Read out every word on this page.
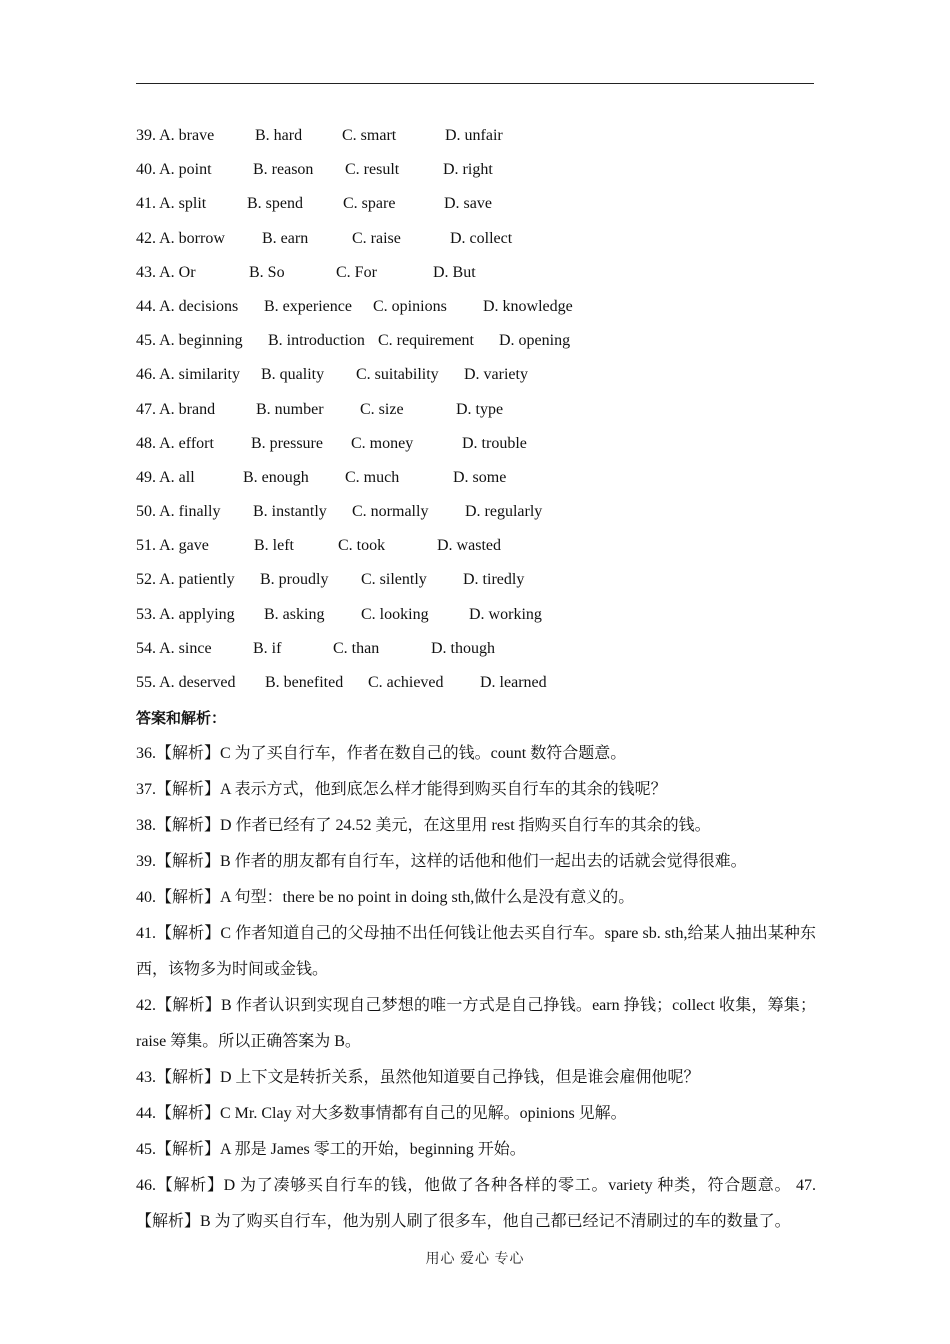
39. A. brave	B. hard C. smart	D. unfair
40. A. point	B. reason C. result	D. right
41. A. split	B. spend	C. spare	D. save
42. A. borrow B. earn	C. raise	D. collect
43. A. Or	B. So	C. For	D. But
44. A. decisions B. experience C. opinions D. knowledge
45. A. beginning B. introduction C. requirement D. opening
46. A. similarity B. quality C. suitability D. variety
47. A. brand	B. number C. size	D. type
48. A. effort B. pressure C. money	D. trouble
49. A. all	B. enough C. much	D. some
50. A. finally B. instantly C. normally D. regularly
51. A. gave	B. left	C. took	D. wasted
52. A. patiently B. proudly C. silently D. tiredly
53. A. applying B. asking C. looking	D. working
54. A. since	B. if	C. than	D. though
55. A. deserved B. benefited C. achieved D. learned
答案和解析：

36.【解析】C 为了买自行车，作者在数自己的钱。count 数符合题意。

37.【解析】A 表示方式，他到底怎么样才能得到购买自行车的其余的钱呢？

38.【解析】D 作者已经有了 24.52 美元，在这里用 rest 指购买自行车的其余的钱。

39.【解析】B 作者的朋友都有自行车，这样的话他和他们一起出去的话就会觉得很难。

40.【解析】A 句型：there be no point in doing sth,做什么是没有意义的。

41.【解析】C 作者知道自己的父母抽不出任何钱让他去买自行车。spare sb. sth,给某人抽出某种东西，该物多为时间或金钱。

42.【解析】B 作者认识到实现自己梦想的唯一方式是自己挣钱。earn 挣钱；collect 收集，筹集；raise 筹集。所以正确答案为 B。

43.【解析】D 上下文是转折关系，虽然他知道要自己挣钱，但是谁会雇佣他呢？

44.【解析】C Mr. Clay 对大多数事情都有自己的见解。opinions 见解。

45.【解析】A 那是 James 零工的开始，beginning 开始。

46.【解析】D 为了凑够买自行车的钱，他做了各种各样的零工。variety 种类，符合题意。 47.【解析】B 为了购买自行车，他为别人刷了很多车，他自己都已经记不清刷过的车的数量了。

用心 爱心 专心
